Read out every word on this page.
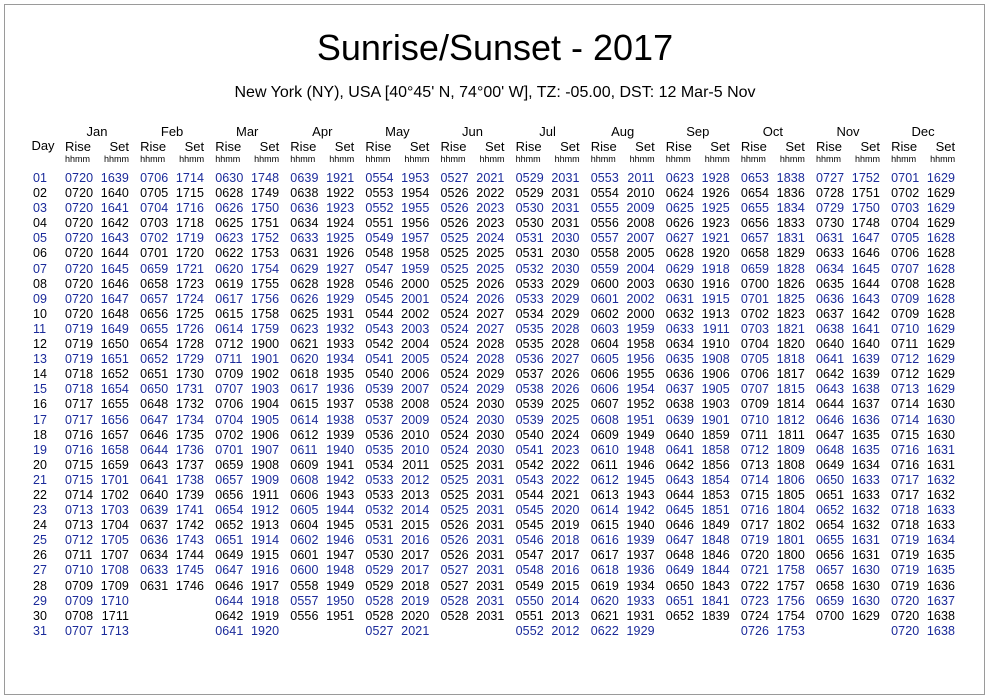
Sunrise/Sunset - 2017
New York (NY), USA [40°45' N, 74°00' W], TZ: -05.00, DST: 12 Mar-5 Nov
Day
01
02
03
04
05
06
07
08
09
10
11
12
13
14
15
16
17
18
19
20
21
22
23
24
25
26
27
28
29
30
31
Jan
Rise Set
hhmm hhmm
0720 1639
0720 1640
0720 1641
0720 1642
0720 1643
0720 1644
0720 1645
0720 1646
0720 1647
0720 1648
0719 1649
0719 1650
0719 1651
0718 1652
0718 1654
0717 1655
0717 1656
0716 1657
0716 1658
0715 1659
0715 1701
0714 1702
0713 1703
0713 1704
0712 1705
0711 1707
0710 1708
0709 1709
0709 1710
0708 1711
0707 1713
Feb
Rise Set
hhmm hhmm
0706 1714
0705 1715
0704 1716
0703 1718
0702 1719
0701 1720
0659 1721
0658 1723
0657 1724
0656 1725
0655 1726
0654 1728
0652 1729
0651 1730
0650 1731
0648 1732
0647 1734
0646 1735
0644 1736
0643 1737
0641 1738
0640 1739
0639 1741
0637 1742
0636 1743
0634 1744
0633 1745
0631 1746
Mar
Rise Set
hhmm hhmm
0630 1748
0628 1749
0626 1750
0625 1751
0623 1752
0622 1753
0620 1754
0619 1755
0617 1756
0615 1758
0614 1759
0712 1900
0711 1901
0709 1902
0707 1903
0706 1904
0704 1905
0702 1906
0701 1907
0659 1908
0657 1909
0656 1911
0654 1912
0652 1913
0651 1914
0649 1915
0647 1916
0646 1917
0644 1918
0642 1919
0641 1920
Apr
Rise Set
hhmm hhmm
0639 1921
0638 1922
0636 1923
0634 1924
0633 1925
0631 1926
0629 1927
0628 1928
0626 1929
0625 1931
0623 1932
0621 1933
0620 1934
0618 1935
0617 1936
0615 1937
0614 1938
0612 1939
0611 1940
0609 1941
0608 1942
0606 1943
0605 1944
0604 1945
0602 1946
0601 1947
0600 1948
0558 1949
0557 1950
0556 1951
May
Rise Set
hhmm hhmm
0554 1953
0553 1954
0552 1955
0551 1956
0549 1957
0548 1958
0547 1959
0546 2000
0545 2001
0544 2002
0543 2003
0542 2004
0541 2005
0540 2006
0539 2007
0538 2008
0537 2009
0536 2010
0535 2010
0534 2011
0533 2012
0533 2013
0532 2014
0531 2015
0531 2016
0530 2017
0529 2017
0529 2018
0528 2019
0528 2020
0527 2021
Jun
Rise Set
hhmm hhmm
0527 2021
0526 2022
0526 2023
0526 2023
0525 2024
0525 2025
0525 2025
0525 2026
0524 2026
0524 2027
0524 2027
0524 2028
0524 2028
0524 2029
0524 2029
0524 2030
0524 2030
0524 2030
0524 2030
0525 2031
0525 2031
0525 2031
0525 2031
0526 2031
0526 2031
0526 2031
0527 2031
0527 2031
0528 2031
0528 2031
Jul
Rise Set
hhmm hhmm
0529 2031
0529 2031
0530 2031
0530 2031
0531 2030
0531 2030
0532 2030
0533 2029
0533 2029
0534 2029
0535 2028
0535 2028
0536 2027
0537 2026
0538 2026
0539 2025
0539 2025
0540 2024
0541 2023
0542 2022
0543 2022
0544 2021
0545 2020
0545 2019
0546 2018
0547 2017
0548 2016
0549 2015
0550 2014
0551 2013
0552 2012
Aug
Rise Set
hhmm hhmm
0553 2011
0554 2010
0555 2009
0556 2008
0557 2007
0558 2005
0559 2004
0600 2003
0601 2002
0602 2000
0603 1959
0604 1958
0605 1956
0606 1955
0606 1954
0607 1952
0608 1951
0609 1949
0610 1948
0611 1946
0612 1945
0613 1943
0614 1942
0615 1940
0616 1939
0617 1937
0618 1936
0619 1934
0620 1933
0621 1931
0622 1929
Sep
Rise Set
hhmm hhmm
0623 1928
0624 1926
0625 1925
0626 1923
0627 1921
0628 1920
0629 1918
0630 1916
0631 1915
0632 1913
0633 1911
0634 1910
0635 1908
0636 1906
0637 1905
0638 1903
0639 1901
0640 1859
0641 1858
0642 1856
0643 1854
0644 1853
0645 1851
0646 1849
0647 1848
0648 1846
0649 1844
0650 1843
0651 1841
0652 1839
Oct
Rise Set
hhmm hhmm
0653 1838
0654 1836
0655 1834
0656 1833
0657 1831
0658 1829
0659 1828
0700 1826
0701 1825
0702 1823
0703 1821
0704 1820
0705 1818
0706 1817
0707 1815
0709 1814
0710 1812
0711 1811
0712 1809
0713 1808
0714 1806
0715 1805
0716 1804
0717 1802
0719 1801
0720 1800
0721 1758
0722 1757
0723 1756
0724 1754
0726 1753
Nov
Rise Set
hhmm hhmm
0727 1752
0728 1751
0729 1750
0730 1748
0631 1647
0633 1646
0634 1645
0635 1644
0636 1643
0637 1642
0638 1641
0640 1640
0641 1639
0642 1639
0643 1638
0644 1637
0646 1636
0647 1635
0648 1635
0649 1634
0650 1633
0651 1633
0652 1632
0654 1632
0655 1631
0656 1631
0657 1630
0658 1630
0659 1630
0700 1629
Dec
Rise Set
hhmm hhmm
0701 1629
0702 1629
0703 1629
0704 1629
0705 1628
0706 1628
0707 1628
0708 1628
0709 1628
0709 1628
0710 1629
0711 1629
0712 1629
0712 1629
0713 1629
0714 1630
0714 1630
0715 1630
0716 1631
0716 1631
0717 1632
0717 1632
0718 1633
0718 1633
0719 1634
0719 1635
0719 1635
0719 1636
0720 1637
0720 1638
0720 1638
